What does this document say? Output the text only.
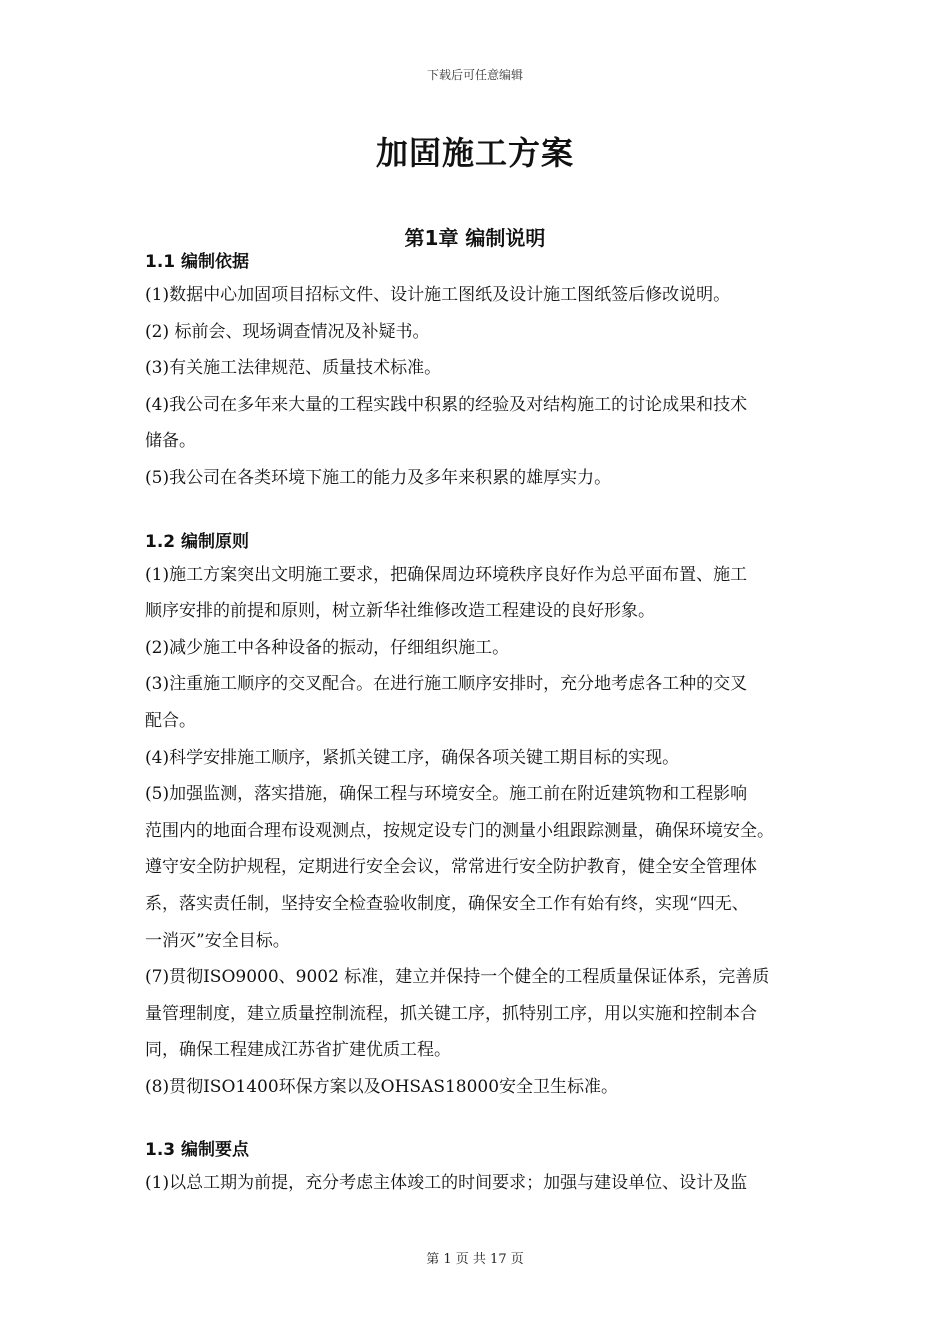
下载后可任意编辑
加固施工方案
第1章 编制说明
1.1 编制依据
(1)数据中心加固项目招标文件、设计施工图纸及设计施工图纸签后修改说明。
(2) 标前会、现场调查情况及补疑书。
(3)有关施工法律规范、质量技术标准。
(4)我公司在多年来大量的工程实践中积累的经验及对结构施工的讨论成果和技术
储备。
(5)我公司在各类环境下施工的能力及多年来积累的雄厚实力。
1.2 编制原则
(1)施工方案突出文明施工要求，把确保周边环境秩序良好作为总平面布置、施工
顺序安排的前提和原则，树立新华社维修改造工程建设的良好形象。
(2)减少施工中各种设备的振动，仔细组织施工。
(3)注重施工顺序的交叉配合。在进行施工顺序安排时，充分地考虑各工种的交叉
配合。
(4)科学安排施工顺序，紧抓关键工序，确保各项关键工期目标的实现。
(5)加强监测，落实措施，确保工程与环境安全。施工前在附近建筑物和工程影响
范围内的地面合理布设观测点，按规定设专门的测量小组跟踪测量，确保环境安全。
遵守安全防护规程，定期进行安全会议，常常进行安全防护教育，健全安全管理体
系，落实责任制，坚持安全检查验收制度，确保安全工作有始有终，实现“四无、
一消灭”安全目标。
(7)贯彻ISO9000、9002 标准，建立并保持一个健全的工程质量保证体系，完善质
量管理制度，建立质量控制流程，抓关键工序，抓特别工序，用以实施和控制本合
同，确保工程建成江苏省扩建优质工程。
(8)贯彻ISO1400环保方案以及OHSAS18000安全卫生标准。
1.3 编制要点
(1)以总工期为前提，充分考虑主体竣工的时间要求；加强与建设单位、设计及监
第 1 页 共 17 页
